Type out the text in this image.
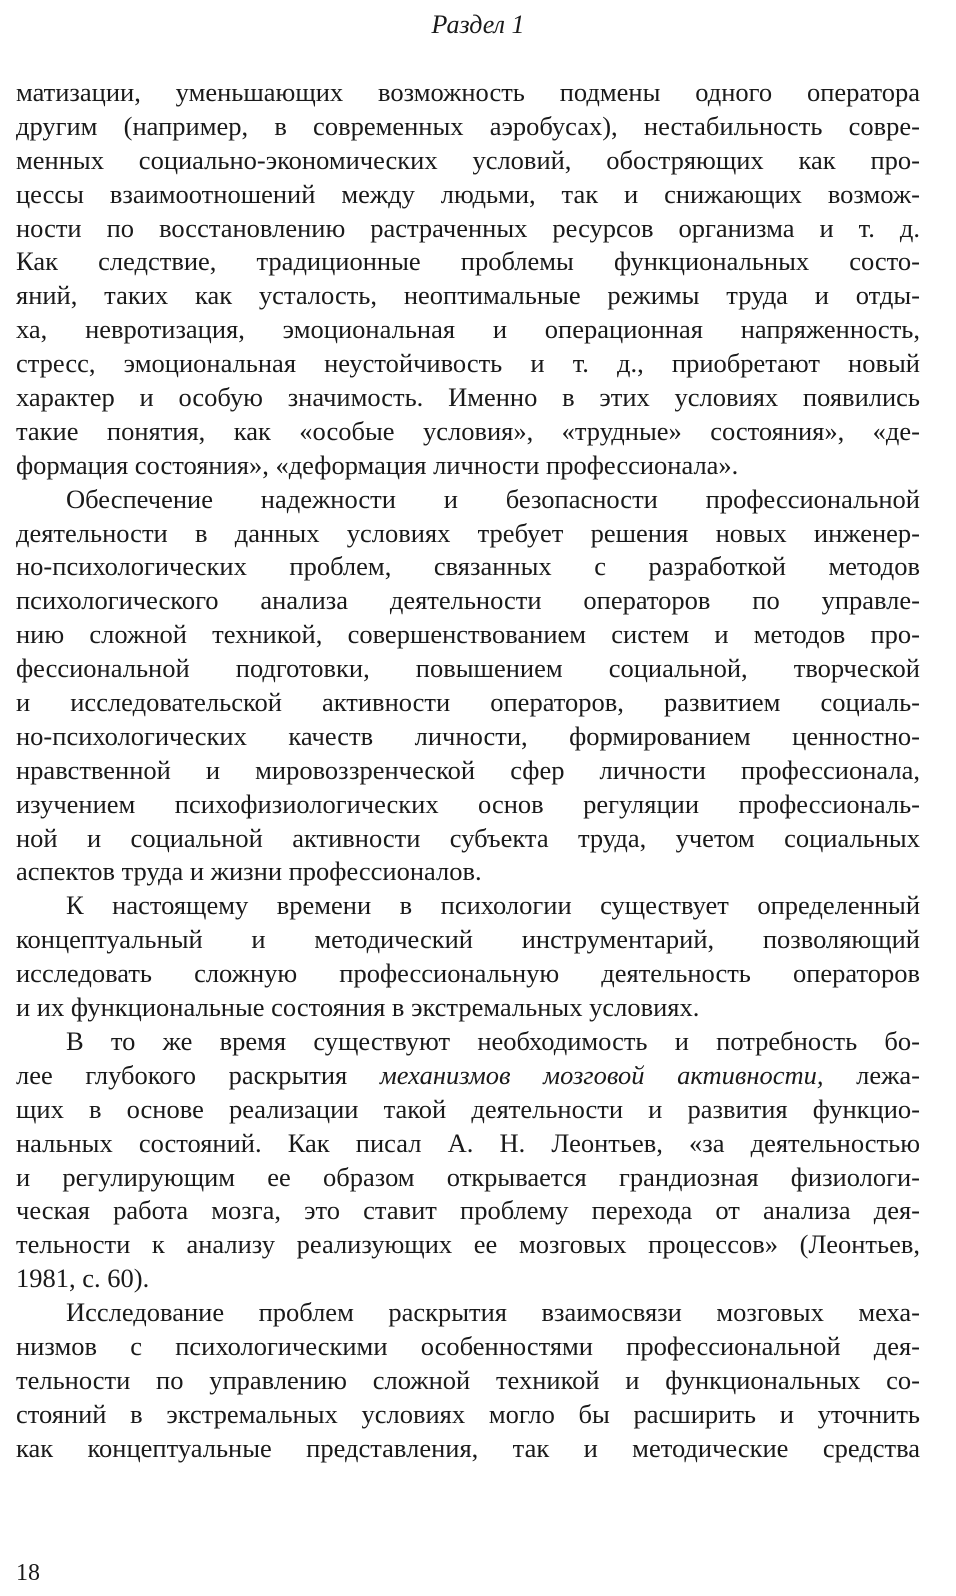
Раздел 1
матизации, уменьшающих возможность подмены одного оператора
другим (например, в современных аэробусах), нестабильность совре-
менных социально-экономических условий, обостряющих как про-
цессы взаимоотношений между людьми, так и снижающих возмож-
ности по восстановлению растраченных ресурсов организма и т. д.
Как следствие, традиционные проблемы функциональных состо-
яний, таких как усталость, неоптимальные режимы труда и отды-
ха, невротизация, эмоциональная и операционная напряженность,
стресс, эмоциональная неустойчивость и т. д., приобретают новый
характер и особую значимость. Именно в этих условиях появились
такие понятия, как «особые условия», «трудные» состояния», «де-
формация состояния», «деформация личности профессионала».
Обеспечение надежности и безопасности профессиональной
деятельности в данных условиях требует решения новых инженер-
но-психологических проблем, связанных с разработкой методов
психологического анализа деятельности операторов по управле-
нию сложной техникой, совершенствованием систем и методов про-
фессиональной подготовки, повышением социальной, творческой
и исследовательской активности операторов, развитием социаль-
но-психологических качеств личности, формированием ценностно-
нравственной и мировоззренческой сфер личности профессионала,
изучением психофизиологических основ регуляции профессиональ-
ной и социальной активности субъекта труда, учетом социальных
аспектов труда и жизни профессионалов.
К настоящему времени в психологии существует определенный
концептуальный и методический инструментарий, позволяющий
исследовать сложную профессиональную деятельность операторов
и их функциональные состояния в экстремальных условиях.
В то же время существуют необходимость и потребность бо-
лее глубокого раскрытия механизмов мозговой активности, лежа-
щих в основе реализации такой деятельности и развития функцио-
нальных состояний. Как писал А. Н. Леонтьев, «за деятельностью
и регулирующим ее образом открывается грандиозная физиологи-
ческая работа мозга, это ставит проблему перехода от анализа дея-
тельности к анализу реализующих ее мозговых процессов» (Леонтьев,
1981, с. 60).
Исследование проблем раскрытия взаимосвязи мозговых меха-
низмов с психологическими особенностями профессиональной дея-
тельности по управлению сложной техникой и функциональных со-
стояний в экстремальных условиях могло бы расширить и уточнить
как концептуальные представления, так и методические средства
18
